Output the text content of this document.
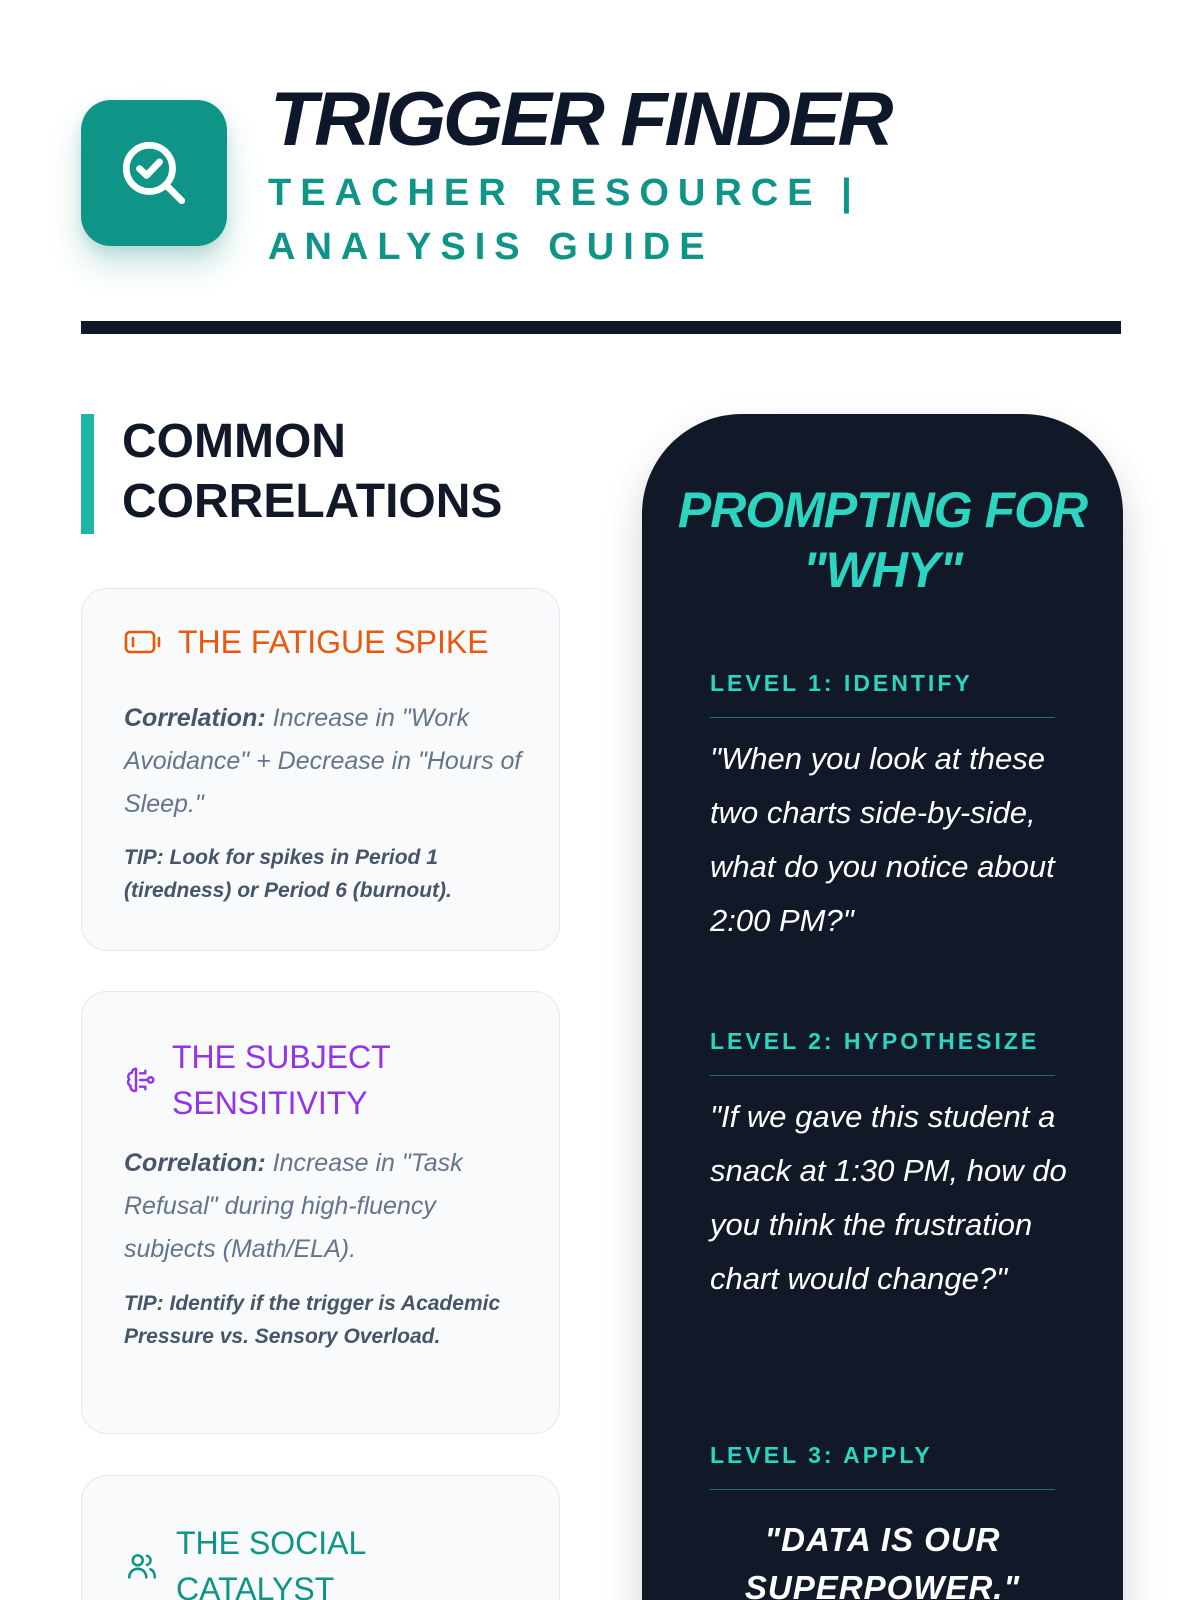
TRIGGER FINDER
TEACHER RESOURCE | ANALYSIS GUIDE
COMMON CORRELATIONS
THE FATIGUE SPIKE

Correlation: Increase in "Work Avoidance" + Decrease in "Hours of Sleep."

TIP: Look for spikes in Period 1 (tiredness) or Period 6 (burnout).

THE SUBJECT SENSITIVITY

Correlation: Increase in "Task Refusal" during high-fluency subjects (Math/ELA).

TIP: Identify if the trigger is Academic Pressure vs. Sensory Overload.

THE SOCIAL CATALYST
PROMPTING FOR "WHY"
LEVEL 1: IDENTIFY

"When you look at these two charts side-by-side, what do you notice about 2:00 PM?"

LEVEL 2: HYPOTHESIZE

"If we gave this student a snack at 1:30 PM, how do you think the frustration chart would change?"

LEVEL 3: APPLY

"DATA IS OUR SUPERPOWER."
